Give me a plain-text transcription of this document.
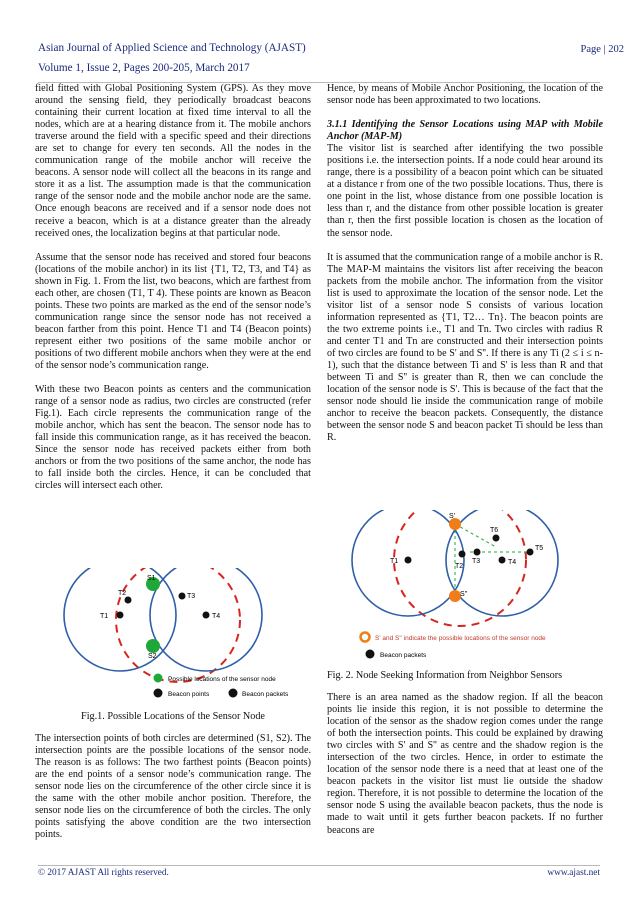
Asian Journal of Applied Science and Technology (AJAST)
Volume 1, Issue 2, Pages 200-205, March 2017
Page | 202

field fitted with Global Positioning System (GPS). As they move around the sensing field, they periodically broadcast beacons containing their current location at fixed time interval to all the nodes, which are at a hearing distance from it. The mobile anchors traverse around the field with a specific speed and their directions are set to change for every ten seconds. All the nodes in the communication range of the mobile anchor will receive the beacons. A sensor node will collect all the beacons in its range and store it as a list. The assumption made is that the communication range of the sensor node and the mobile anchor node are the same. Once enough beacons are received and if a sensor node does not receive a beacon, which is at a distance greater than the already received ones, the localization begins at that particular node.

Assume that the sensor node has received and stored four beacons (locations of the mobile anchor) in its list {T1, T2, T3, and T4} as shown in Fig. 1. From the list, two beacons, which are farthest from each other, are chosen (T1, T 4). These points are known as Beacon points. These two points are marked as the end of the sensor node’s communication range since the sensor node has not received a beacon farther from this point. Hence T1 and T4 (Beacon points) represent either two positions of the same mobile anchor or positions of two different mobile anchors when they were at the end of the sensor node’s communication range.

With these two Beacon points as centers and the communication range of a sensor node as radius, two circles are constructed (refer Fig.1). Each circle represents the communication range of the mobile anchor, which has sent the beacon. The sensor node has to fall inside this communication range, as it has received the beacon. Since the sensor node has received packets either from both anchors or from the two positions of the same anchor, the node has to fall inside both the circles. Hence, it can be concluded that circles will intersect each other.

S1
S2
T1
T2	T3
T4
Possible locations of the sensor node
Beacon points	Beacon packets
Fig.1. Possible Locations of the Sensor Node

The intersection points of both circles are determined (S1, S2). The intersection points are the possible locations of the sensor node. The reason is as follows: The two farthest points (Beacon points) are the end points of a sensor node’s communication range. The sensor node lies on the circumference of the other circle since it is the same with the other mobile anchor position. Therefore, the sensor node lies on the circumference of both the circles. The only points satisfying the above condition are the two intersection points.

Hence, by means of Mobile Anchor Positioning, the location of the sensor node has been approximated to two locations.

3.1.1 Identifying the Sensor Locations using MAP with Mobile Anchor (MAP-M)

The visitor list is searched after identifying the two possible positions i.e. the intersection points. If a node could hear around its range, there is a possibility of a beacon point which can be situated at a distance r from one of the two possible locations. Thus, there is one point in the list, whose distance from one possible location is less than r, and the distance from other possible location is greater than r, then the first possible location is chosen as the location of the sensor node.

It is assumed that the communication range of a mobile anchor is R. The MAP-M maintains the visitors list after receiving the beacon packets from the mobile anchor. The information from the visitor list is used to approximate the location of the sensor node. Let the visitor list of a sensor node S consists of various location information represented as {T1, T2… Tn}. The beacon points are the two extreme points i.e., T1 and Tn. Two circles with radius R and center T1 and Tn are constructed and their intersection points of two circles are found to be S' and S''. If there is any Ti (2 ≤ i ≤ n-1), such that the distance between Ti and S' is less than R and that between Ti and S'' is greater than R, then we can conclude the location of the sensor node is S'. This is because of the fact that the sensor node should lie inside the communication range of mobile anchor to receive the beacon packets. Consequently, the distance between the sensor node S and beacon packet Ti should be less than R.

S'
S''
T1
T2
T3	T4
T5
T6
S' and S'' indicate the possible locations of the sensor node
Beacon packets
Fig. 2. Node Seeking Information from Neighbor Sensors

There is an area named as the shadow region. If all the beacon points lie inside this region, it is not possible to determine the location of the sensor as the shadow region comes under the range of both the intersection points. This could be explained by drawing two circles with S' and S'' as centre and the shadow region is the intersection of the two circles. Hence, in order to estimate the location of the sensor node there is a need that at least one of the beacon packets in the visitor list must lie outside the shadow region. Therefore, it is not possible to determine the location of the sensor node S using the available beacon packets, thus the node is made to wait until it gets further beacon packets. If no further beacons are

© 2017 AJAST All rights reserved.	www.ajast.net
